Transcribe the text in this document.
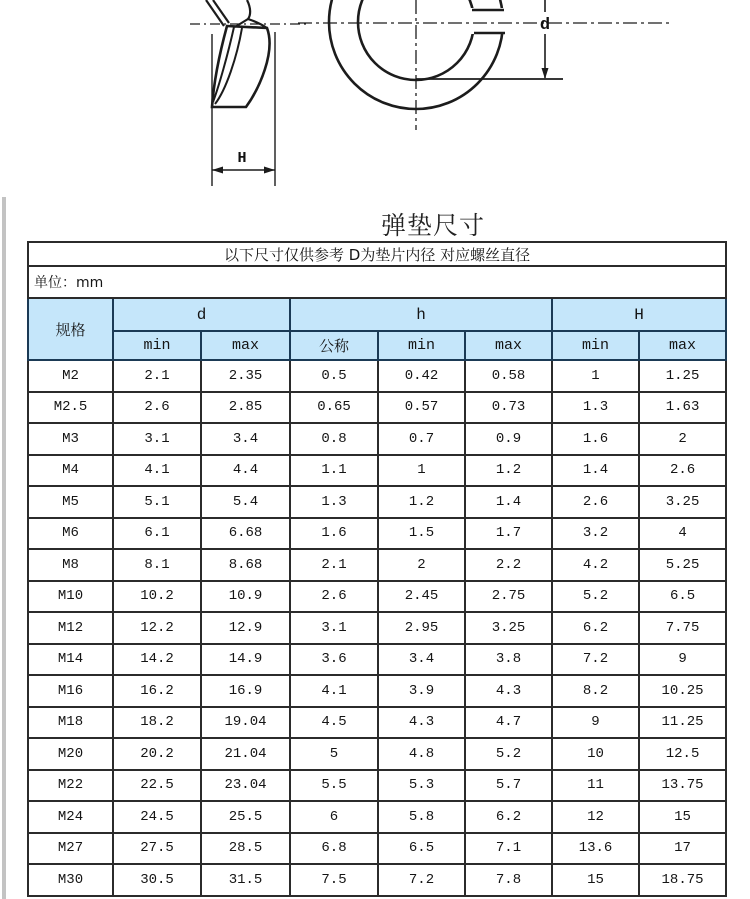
H
d
弹垫尺寸
以下尺寸仅供参考 D为垫片内径 对应螺丝直径							
单位：mm							
规格	d		h			H	
	min	max	公称	min	max	min	max
M2	2.1	2.35	0.5	0.42	0.58	1	1.25
M2.5	2.6	2.85	0.65	0.57	0.73	1.3	1.63
M3	3.1	3.4	0.8	0.7	0.9	1.6	2
M4	4.1	4.4	1.1	1	1.2	1.4	2.6
M5	5.1	5.4	1.3	1.2	1.4	2.6	3.25
M6	6.1	6.68	1.6	1.5	1.7	3.2	4
M8	8.1	8.68	2.1	2	2.2	4.2	5.25
M10	10.2	10.9	2.6	2.45	2.75	5.2	6.5
M12	12.2	12.9	3.1	2.95	3.25	6.2	7.75
M14	14.2	14.9	3.6	3.4	3.8	7.2	9
M16	16.2	16.9	4.1	3.9	4.3	8.2	10.25
M18	18.2	19.04	4.5	4.3	4.7	9	11.25
M20	20.2	21.04	5	4.8	5.2	10	12.5
M22	22.5	23.04	5.5	5.3	5.7	11	13.75
M24	24.5	25.5	6	5.8	6.2	12	15
M27	27.5	28.5	6.8	6.5	7.1	13.6	17
M30	30.5	31.5	7.5	7.2	7.8	15	18.75
